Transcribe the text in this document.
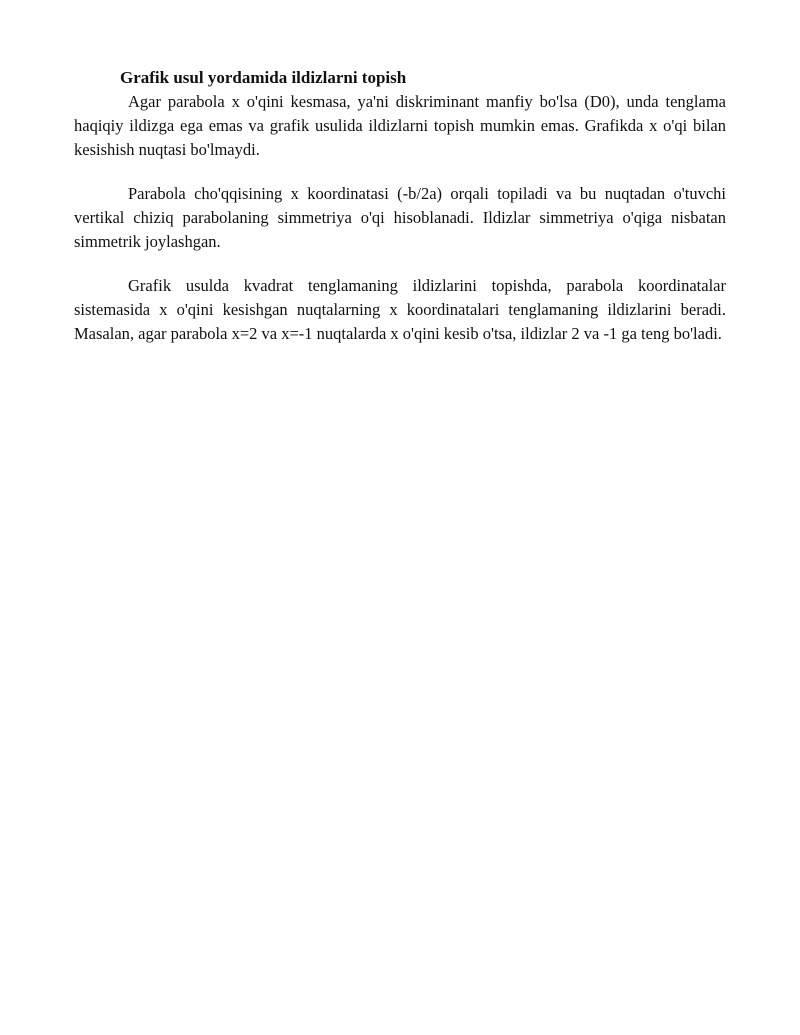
Grafik usul yordamida ildizlarni topish

Agar parabola x o'qini kesmasa, ya'ni diskriminant manfiy bo'lsa (D0), unda tenglama haqiqiy ildizga ega emas va grafik usulida ildizlarni topish mumkin emas. Grafikda x o'qi bilan kesishish nuqtasi bo'lmaydi.

Parabola cho'qqisining x koordinatasi (-b/2a) orqali topiladi va bu nuqtadan o'tuvchi vertikal chiziq parabolaning simmetriya o'qi hisoblanadi. Ildizlar simmetriya o'qiga nisbatan simmetrik joylashgan.

Grafik usulda kvadrat tenglamaning ildizlarini topishda, parabola koordinatalar sistemasida x o'qini kesishgan nuqtalarning x koordinatalari tenglamaning ildizlarini beradi. Masalan, agar parabola x=2 va x=-1 nuqtalarda x o'qini kesib o'tsa, ildizlar 2 va -1 ga teng bo'ladi.
